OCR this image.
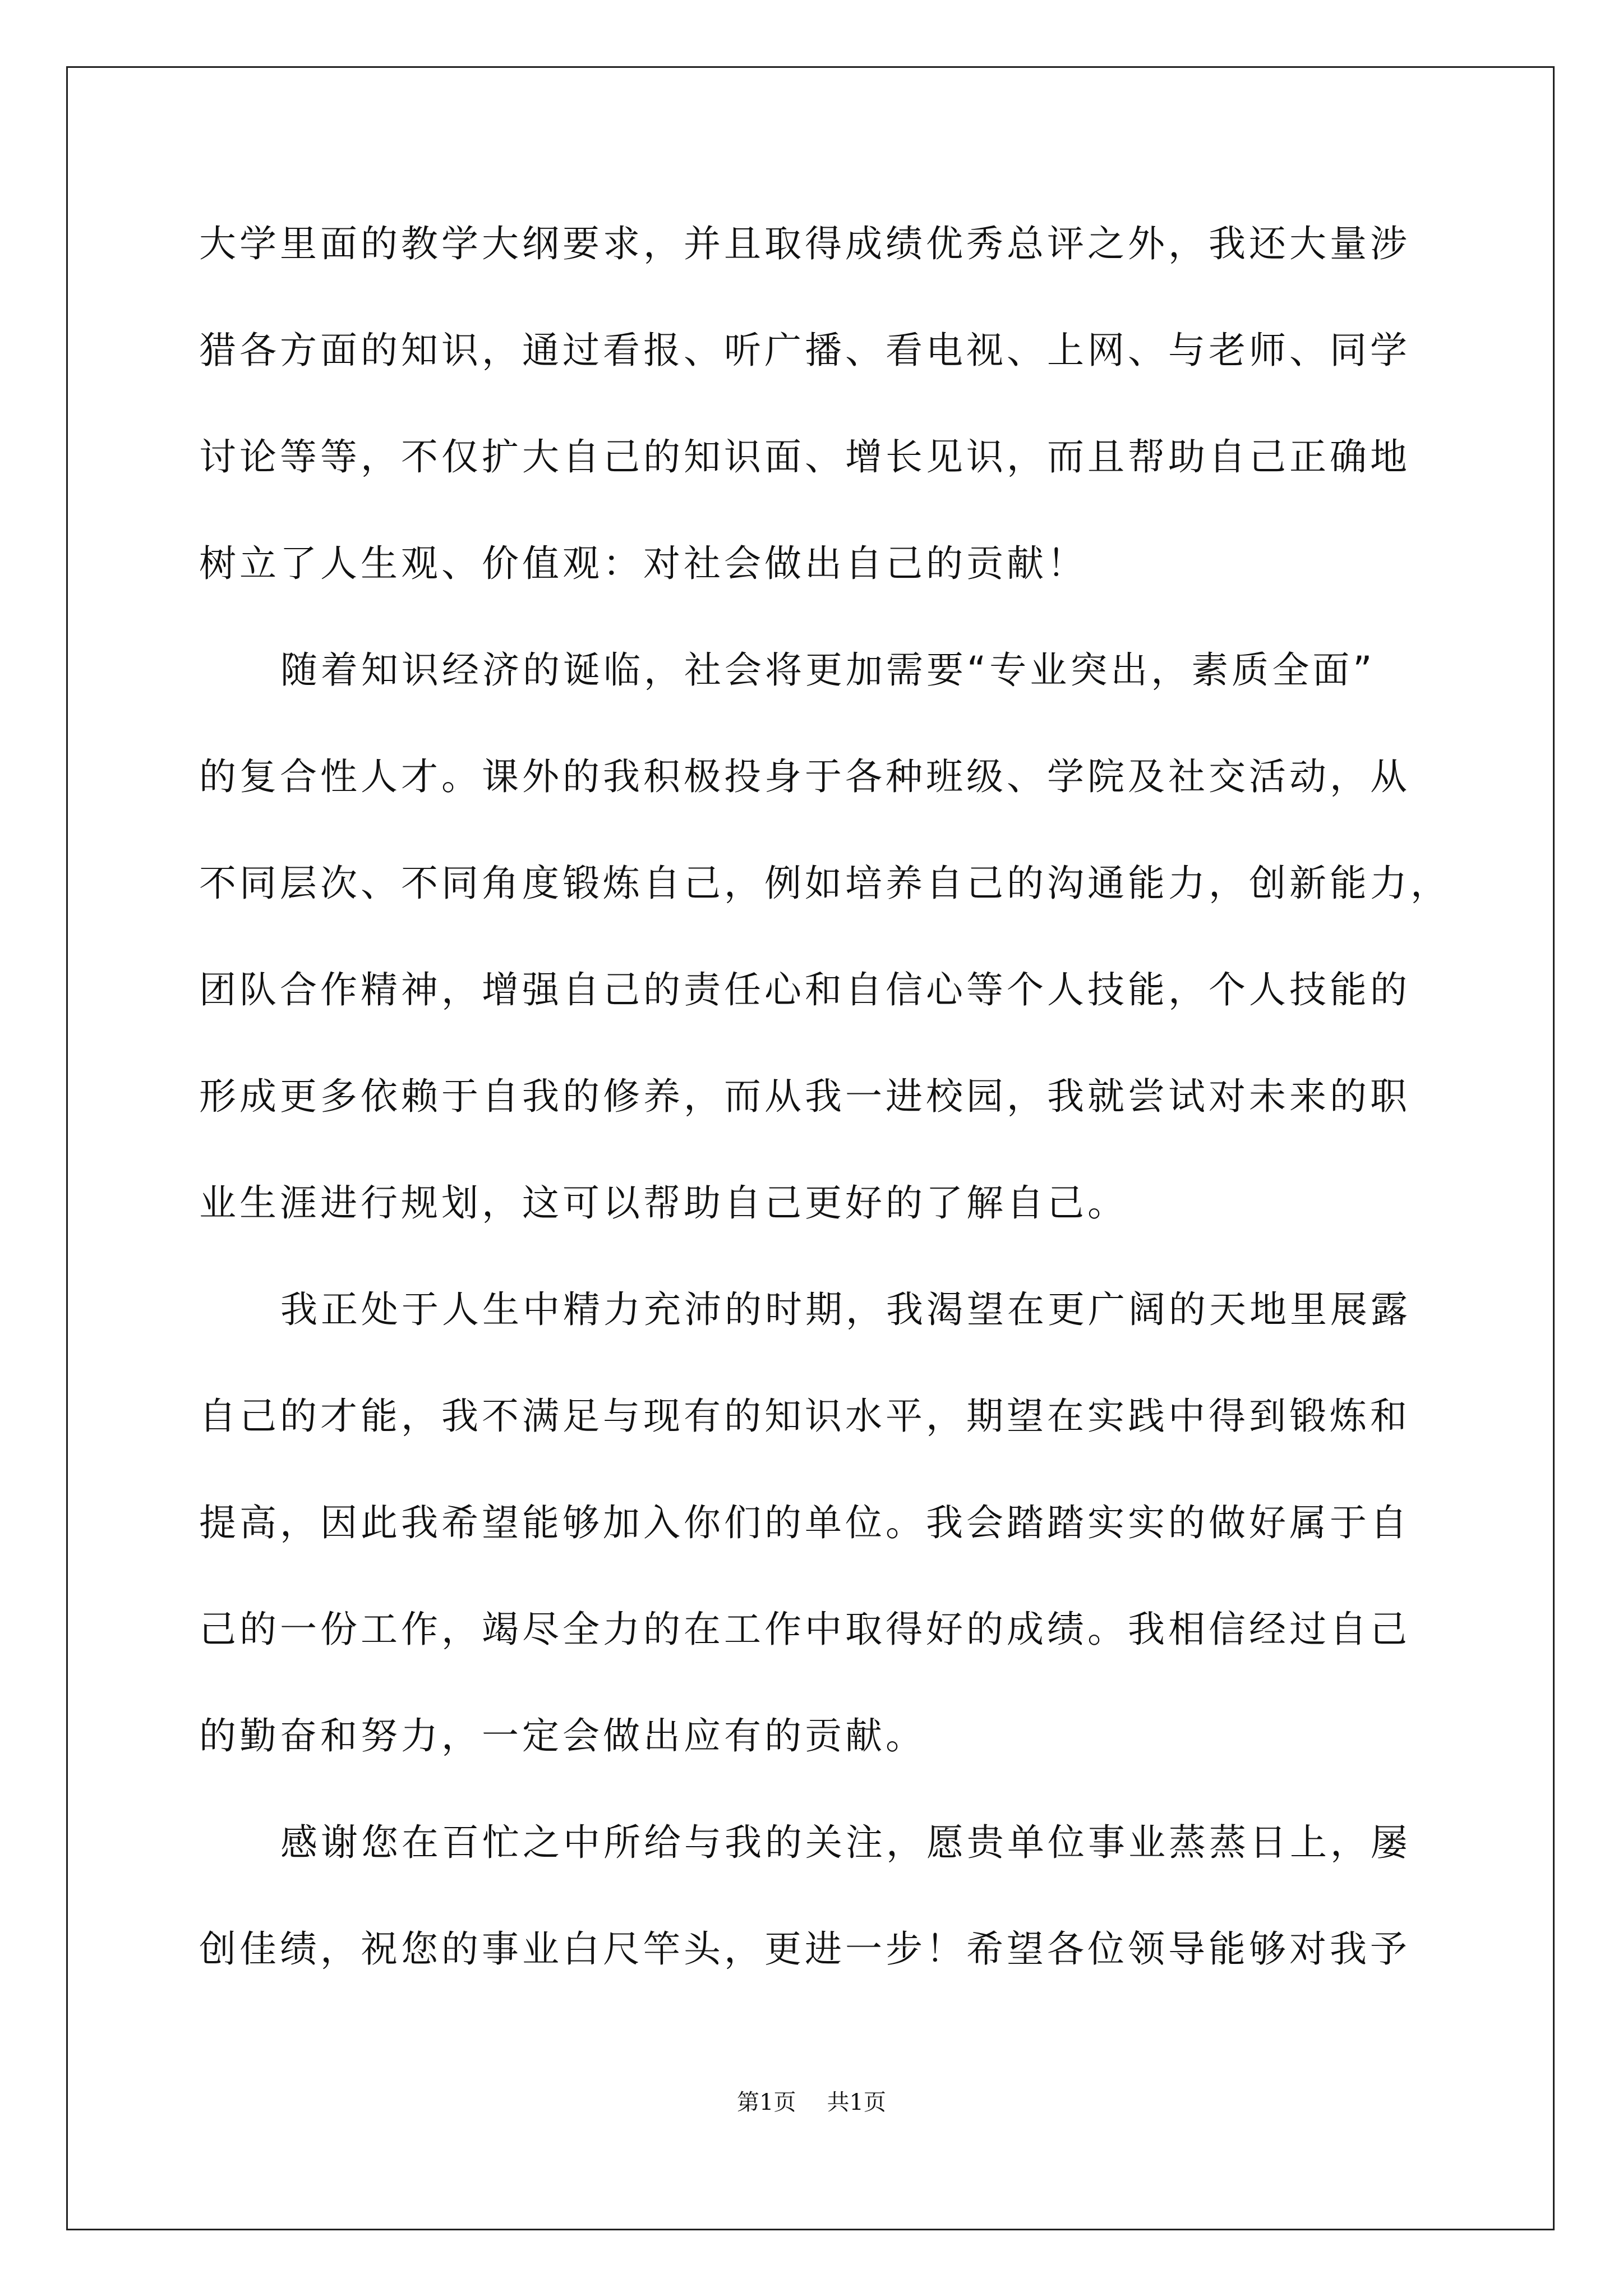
大学里面的教学大纲要求，并且取得成绩优秀总评之外，我还大量涉
猎各方面的知识，通过看报、听广播、看电视、上网、与老师、同学
讨论等等，不仅扩大自己的知识面、增长见识，而且帮助自己正确地
树立了人生观、价值观：对社会做出自己的贡献！
随着知识经济的诞临，社会将更加需要“专业突出，素质全面”
的复合性人才。课外的我积极投身于各种班级、学院及社交活动，从
不同层次、不同角度锻炼自己，例如培养自己的沟通能力，创新能力，
团队合作精神，增强自己的责任心和自信心等个人技能，个人技能的
形成更多依赖于自我的修养，而从我一进校园，我就尝试对未来的职
业生涯进行规划，这可以帮助自己更好的了解自己。
我正处于人生中精力充沛的时期，我渴望在更广阔的天地里展露
自己的才能，我不满足与现有的知识水平，期望在实践中得到锻炼和
提高，因此我希望能够加入你们的单位。我会踏踏实实的做好属于自
己的一份工作，竭尽全力的在工作中取得好的成绩。我相信经过自己
的勤奋和努力，一定会做出应有的贡献。
感谢您在百忙之中所给与我的关注，愿贵单位事业蒸蒸日上，屡
创佳绩，祝您的事业白尺竿头，更进一步！希望各位领导能够对我予
第1页 共1页
